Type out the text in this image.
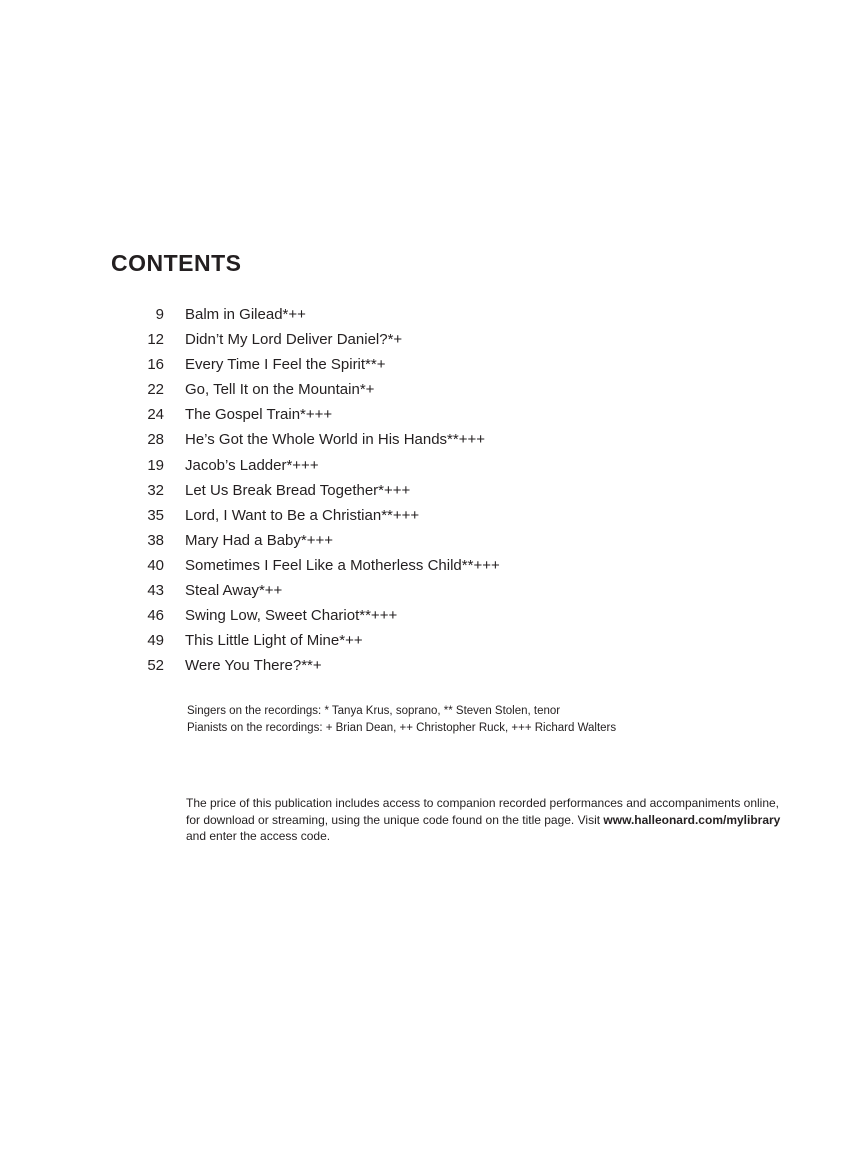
CONTENTS
9 Balm in Gilead*++
12 Didn’t My Lord Deliver Daniel?*+
16 Every Time I Feel the Spirit**+
22 Go, Tell It on the Mountain*+
24 The Gospel Train*+++
28 He’s Got the Whole World in His Hands**+++
19 Jacob’s Ladder*+++
32 Let Us Break Bread Together*+++
35 Lord, I Want to Be a Christian**+++
38 Mary Had a Baby*+++
40 Sometimes I Feel Like a Motherless Child**+++
43 Steal Away*++
46 Swing Low, Sweet Chariot**+++
49 This Little Light of Mine*++
52 Were You There?**+
Singers on the recordings: * Tanya Krus, soprano, ** Steven Stolen, tenor
Pianists on the recordings: + Brian Dean, ++ Christopher Ruck, +++ Richard Walters
The price of this publication includes access to companion recorded performances and accompaniments online, for download or streaming, using the unique code found on the title page. Visit www.halleonard.com/mylibrary and enter the access code.
